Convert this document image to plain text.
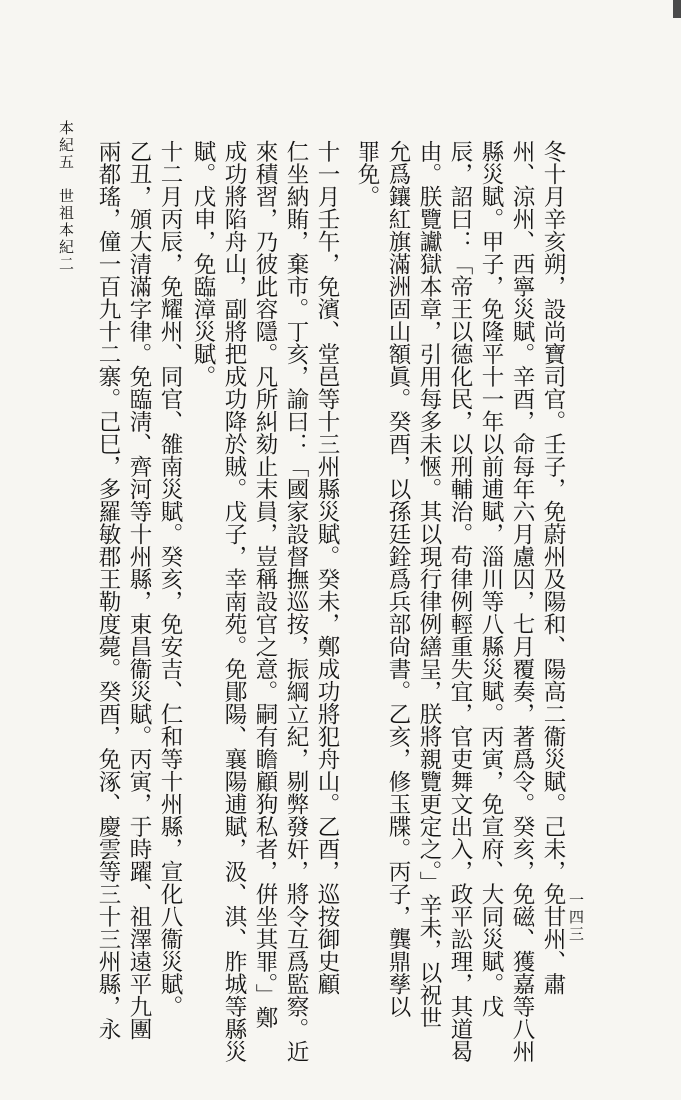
冬十月辛亥朔，設尚寶司官。壬子，免蔚州及陽和、陽高二衞災賦。己未，免甘州、肅
州、涼州、西寧災賦。辛酉，命每年六月慮囚，七月覆奏，著爲令。癸亥，免磁、獲嘉等八州
縣災賦。甲子，免隆平十一年以前逋賦，淄川等八縣災賦。丙寅，免宣府、大同災賦。戊
辰，詔曰：「帝王以德化民，以刑輔治。苟律例輕重失宜，官吏舞文出入，政平訟理，其道曷
由。朕覽讞獄本章，引用每多未愜。其以現行律例繕呈，朕將親覽更定之。」辛未，以祝世
允爲鑲紅旗滿洲固山額眞。癸酉，以孫廷銓爲兵部尙書。乙亥，修玉牒。丙子，龔鼎孳以
罪免。
十一月壬午，免濱、堂邑等十三州縣災賦。癸未，鄭成功將犯舟山。乙酉，巡按御史顧
仁坐納賄，棄市。丁亥，諭曰：「國家設督撫巡按，振綱立紀，剔弊發奸，將令互爲監察。近
來積習，乃彼此容隱。凡所糾劾止末員，豈稱設官之意。嗣有瞻顧狗私者，倂坐其罪。」鄭
成功將陷舟山，副將把成功降於賊。戊子，幸南苑。免鄖陽、襄陽逋賦，汲、淇、胙城等縣災
賦。戊申，免臨漳災賦。
十二月丙辰，免耀州、同官、雒南災賦。癸亥，免安吉、仁和等十州縣，宣化八衞災賦。
乙丑，頒大清滿字律。免臨淸、齊河等十州縣，東昌衞災賦。丙寅，于時躍、祖澤遠平九團
兩都瑤，僮一百九十二寨。己巳，多羅敏郡王勒度薨。癸酉，免涿、慶雲等三十三州縣，永
本紀五　世祖本紀二
一四三
